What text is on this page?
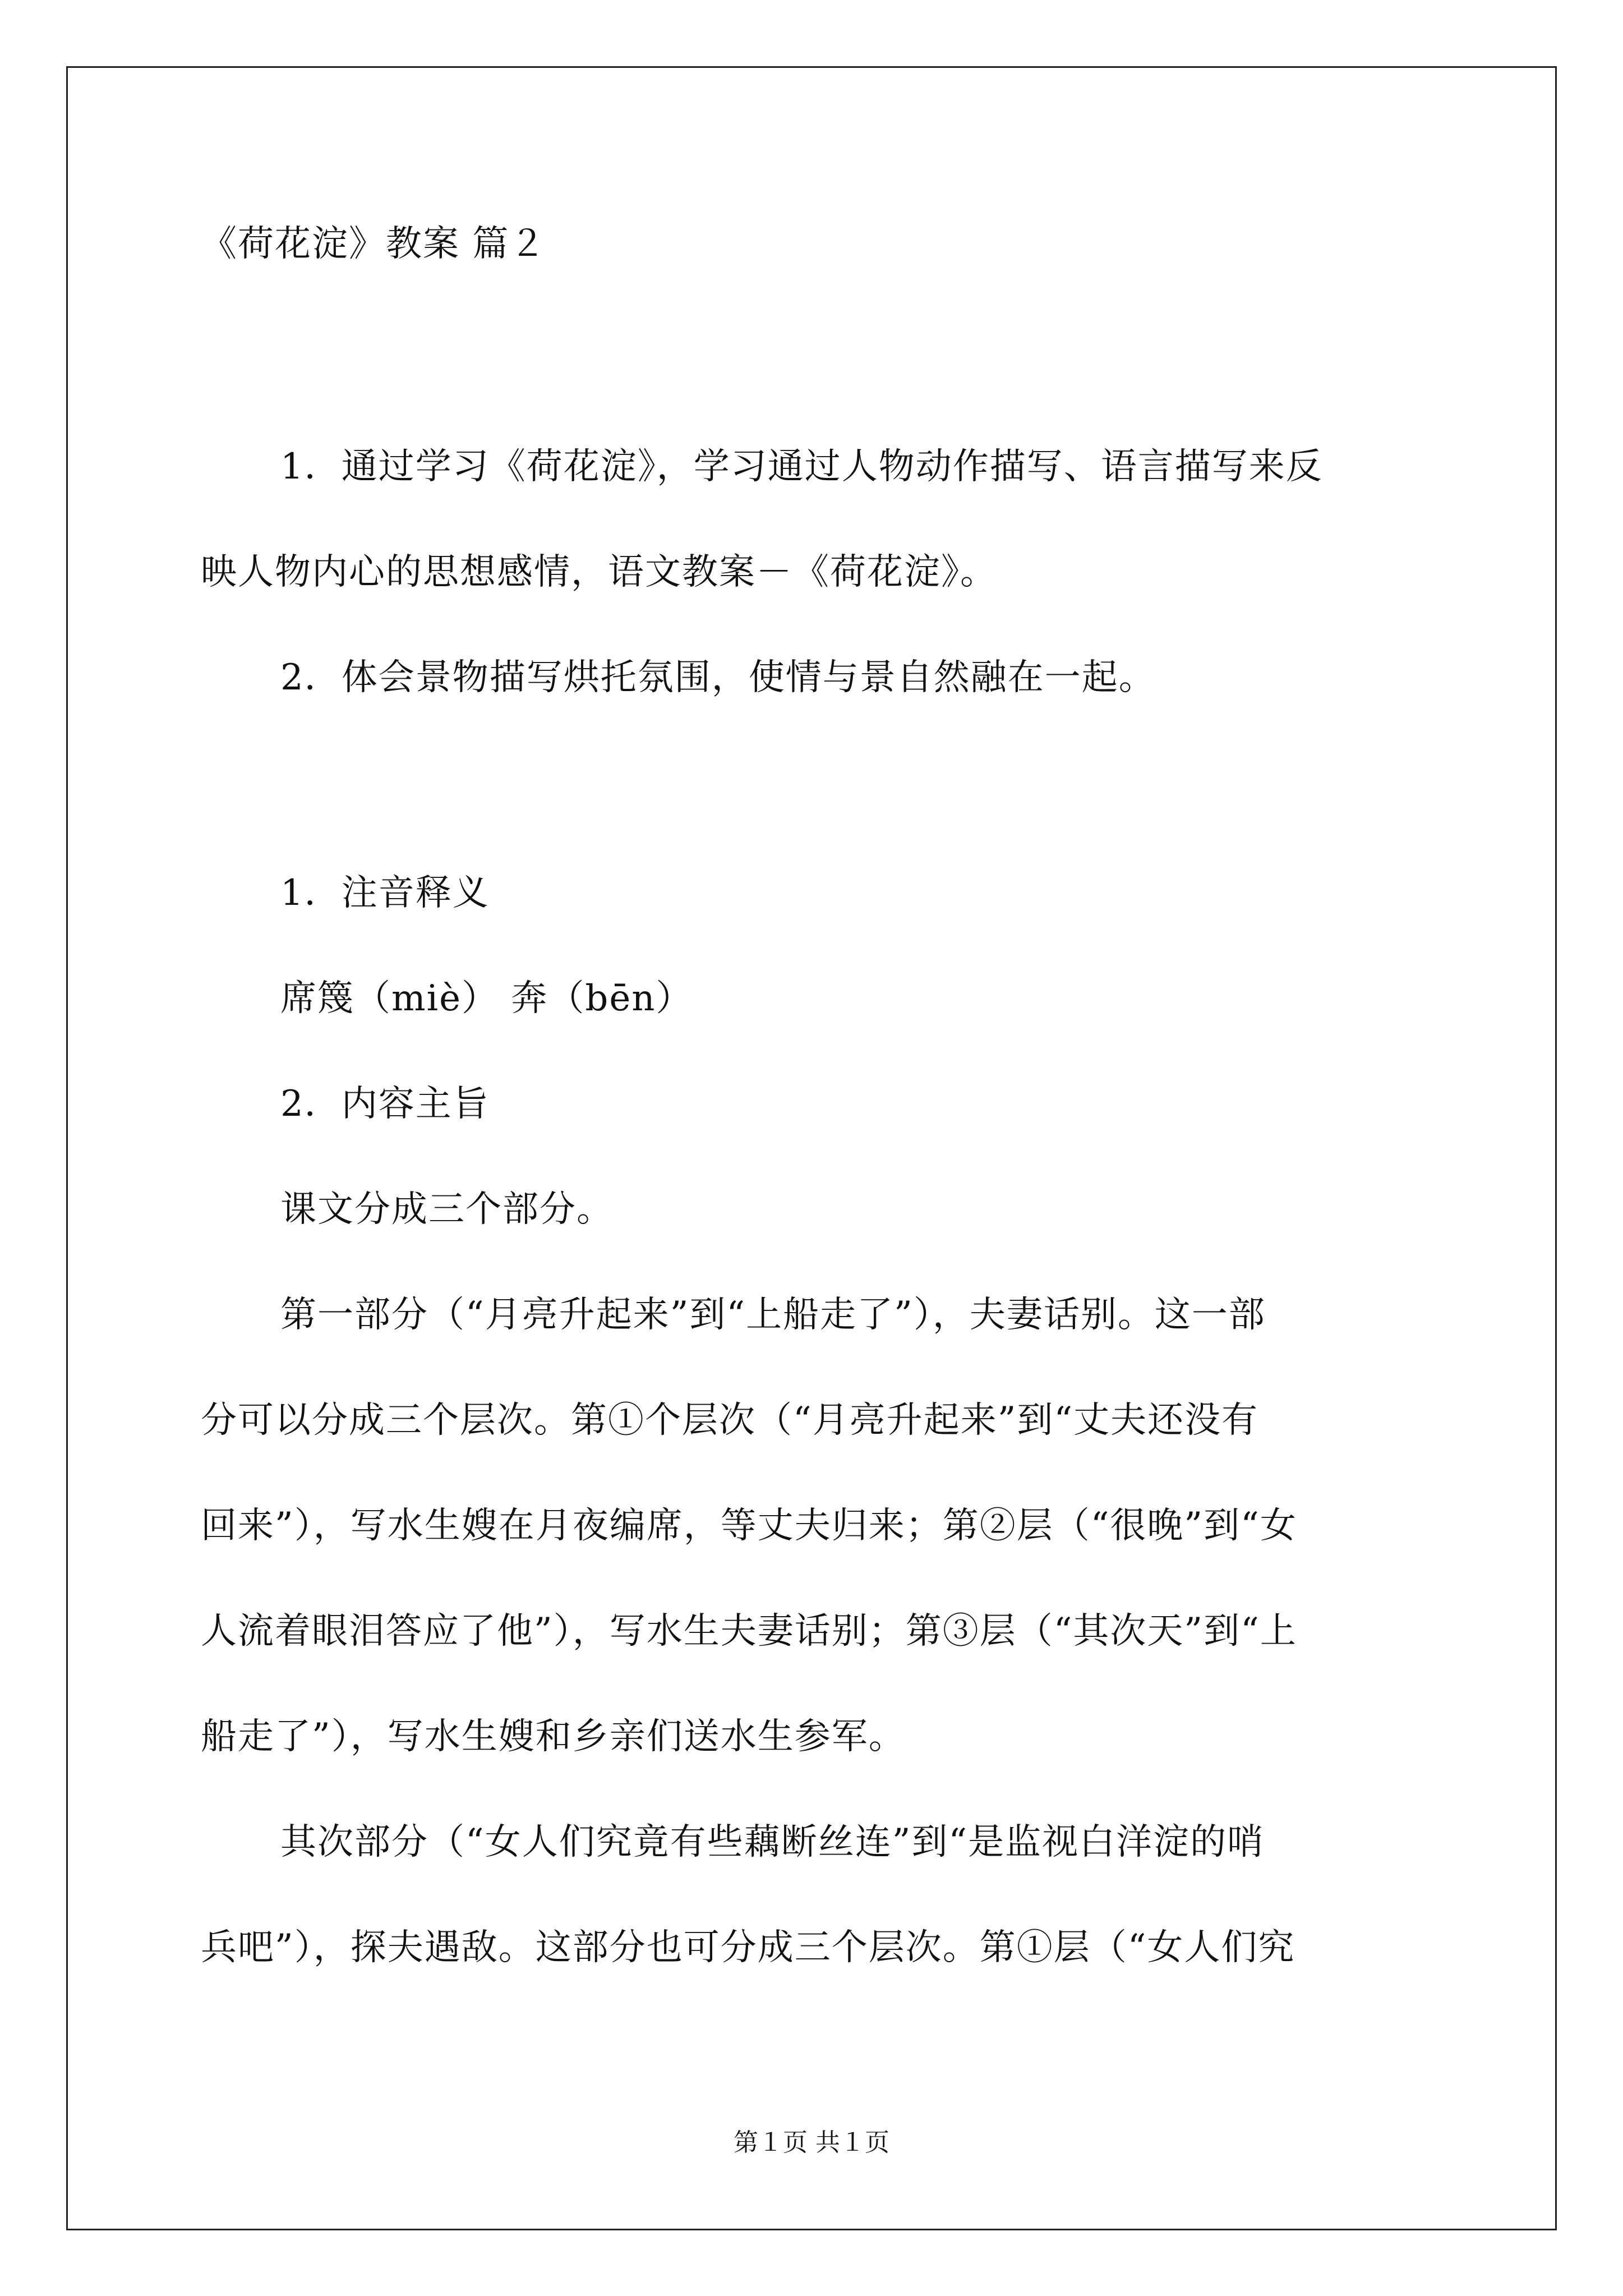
《荷花淀》教案 篇２
1．通过学习《荷花淀》，学习通过人物动作描写、语言描写来反
映人物内心的思想感情，语文教案－《荷花淀》。
2．体会景物描写烘托氛围，使情与景自然融在一起。
1．注音释义
席篾（miè） 奔（bēn）
2．内容主旨
课文分成三个部分。
第一部分（“月亮升起来”到“上船走了”），夫妻话别。这一部
分可以分成三个层次。第①个层次（“月亮升起来”到“丈夫还没有
回来”），写水生嫂在月夜编席，等丈夫归来；第②层（“很晚”到“女
人流着眼泪答应了他”），写水生夫妻话别；第③层（“其次天”到“上
船走了”），写水生嫂和乡亲们送水生参军。
其次部分（“女人们究竟有些藕断丝连”到“是监视白洋淀的哨
兵吧”），探夫遇敌。这部分也可分成三个层次。第①层（“女人们究
第１页 共１页
